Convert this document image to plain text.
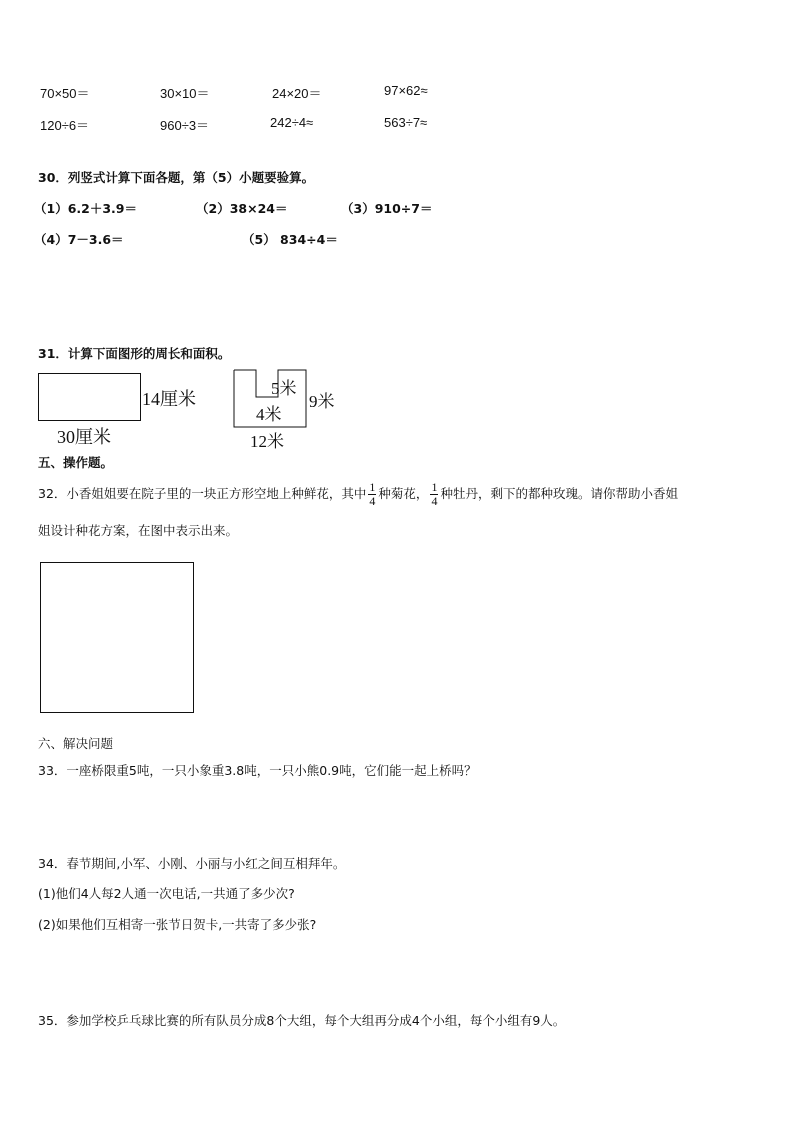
70×50＝	30×10＝	24×20＝	97×62≈
120÷6＝	960÷3＝	242÷4≈	563÷7≈
30．列竖式计算下面各题，第（5）小题要验算。
（1）6.2＋3.9＝	（2）38×24＝	（3）910÷7＝
（4）7－3.6＝	（5） 834÷4＝
31．计算下面图形的周长和面积。
14厘米
30厘米
5米
9米
4米
12米
五、操作题。
32．小香姐姐要在院子里的一块正方形空地上种鲜花，其中 $\frac{1}{4}$ 种菊花， $\frac{1}{4}$ 种牡丹，剩下的都种玫瑰。请你帮助小香姐
姐设计种花方案，在图中表示出来。
六、解决问题
33．一座桥限重5吨，一只小象重3.8吨，一只小熊0.9吨，它们能一起上桥吗？
34．春节期间,小军、小刚、小丽与小红之间互相拜年。
(1)他们4人每2人通一次电话,一共通了多少次?
(2)如果他们互相寄一张节日贺卡,一共寄了多少张?
35．参加学校乒乓球比赛的所有队员分成8个大组，每个大组再分成4个小组，每个小组有9人。
